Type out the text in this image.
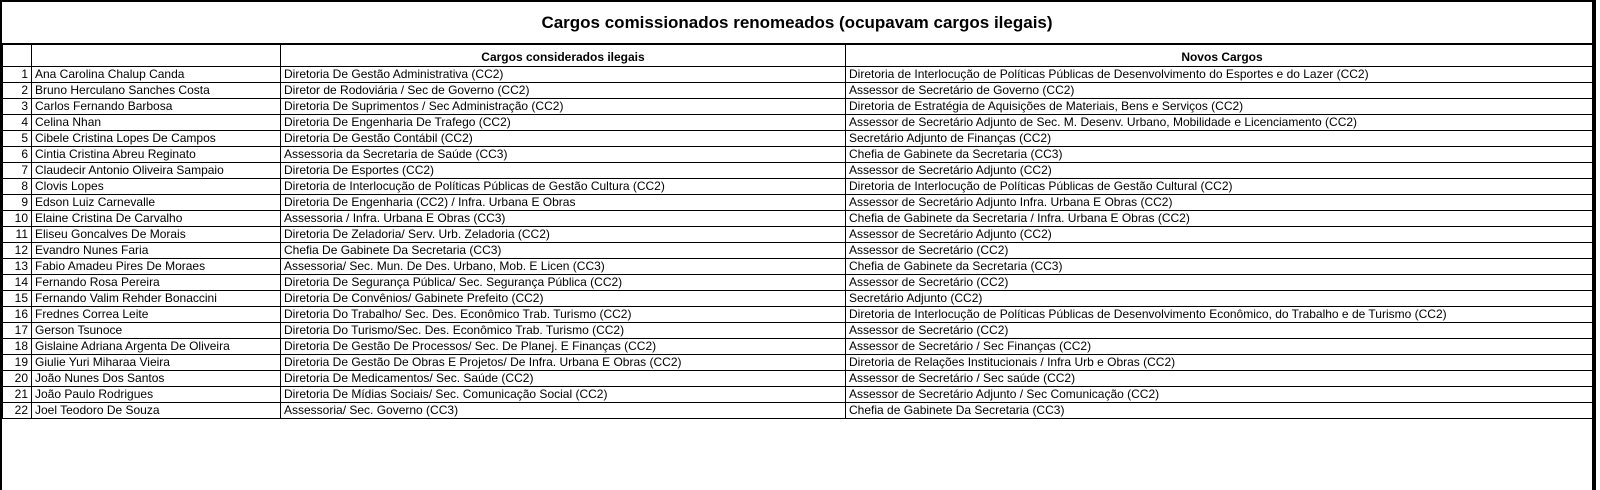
Cargos comissionados renomeados (ocupavam cargos ilegais)
		Cargos considerados ilegais	Novos Cargos
1	Ana Carolina Chalup Canda	Diretoria De Gestão Administrativa (CC2)	Diretoria de Interlocução de Políticas Públicas de Desenvolvimento do Esportes e do Lazer (CC2)
2	Bruno Herculano Sanches Costa	Diretor de Rodoviária / Sec de Governo (CC2)	Assessor de Secretário de Governo (CC2)
3	Carlos Fernando Barbosa	Diretoria De Suprimentos / Sec Administração (CC2)	Diretoria de Estratégia de Aquisições de Materiais, Bens e Serviços (CC2)
4	Celina Nhan	Diretoria De Engenharia De Trafego (CC2)	Assessor de Secretário Adjunto de Sec. M. Desenv. Urbano, Mobilidade e Licenciamento (CC2)
5	Cibele Cristina Lopes De Campos	Diretoria De Gestão Contábil (CC2)	Secretário Adjunto de Finanças (CC2)
6	Cintia Cristina Abreu Reginato	Assessoria da Secretaria de Saúde (CC3)	Chefia de Gabinete da Secretaria (CC3)
7	Claudecir Antonio Oliveira Sampaio	Diretoria De Esportes (CC2)	Assessor de Secretário Adjunto (CC2)
8	Clovis Lopes	Diretoria de Interlocução de Políticas Públicas de Gestão Cultura (CC2)	Diretoria de Interlocução de Políticas Públicas de Gestão Cultural (CC2)
9	Edson Luiz Carnevalle	Diretoria De Engenharia (CC2) / Infra. Urbana E Obras	Assessor de Secretário Adjunto Infra. Urbana E Obras (CC2)
10	Elaine Cristina De Carvalho	Assessoria / Infra. Urbana E Obras (CC3)	Chefia de Gabinete da Secretaria / Infra. Urbana E Obras (CC2)
11	Eliseu Goncalves De Morais	Diretoria De Zeladoria/ Serv. Urb. Zeladoria (CC2)	Assessor de Secretário Adjunto (CC2)
12	Evandro Nunes Faria	Chefia De Gabinete Da Secretaria (CC3)	Assessor de Secretário (CC2)
13	Fabio Amadeu Pires De Moraes	Assessoria/ Sec. Mun. De Des. Urbano, Mob. E Licen (CC3)	Chefia de Gabinete da Secretaria (CC3)
14	Fernando Rosa Pereira	Diretoria De Segurança Pública/ Sec. Segurança Pública (CC2)	Assessor de Secretário (CC2)
15	Fernando Valim Rehder Bonaccini	Diretoria De Convênios/ Gabinete Prefeito (CC2)	Secretário Adjunto (CC2)
16	Frednes Correa Leite	Diretoria Do Trabalho/ Sec. Des. Econômico Trab. Turismo (CC2)	Diretoria de Interlocução de Políticas Públicas de Desenvolvimento Econômico, do Trabalho e de Turismo (CC2)
17	Gerson Tsunoce	Diretoria Do Turismo/Sec. Des. Econômico Trab. Turismo (CC2)	Assessor de Secretário (CC2)
18	Gislaine Adriana Argenta De Oliveira	Diretoria De Gestão De Processos/ Sec. De Planej. E Finanças (CC2)	Assessor de Secretário / Sec Finanças (CC2)
19	Giulie Yuri Miharaa Vieira	Diretoria De Gestão De Obras E Projetos/ De Infra. Urbana E Obras (CC2)	Diretoria de Relações Institucionais / Infra Urb e Obras (CC2)
20	João Nunes Dos Santos	Diretoria De Medicamentos/ Sec. Saúde (CC2)	Assessor de Secretário / Sec saúde (CC2)
21	João Paulo Rodrigues	Diretoria De Mídias Sociais/ Sec. Comunicação Social (CC2)	Assessor de Secretário Adjunto / Sec Comunicação (CC2)
22	Joel Teodoro De Souza	Assessoria/ Sec. Governo (CC3)	Chefia de Gabinete Da Secretaria (CC3)
